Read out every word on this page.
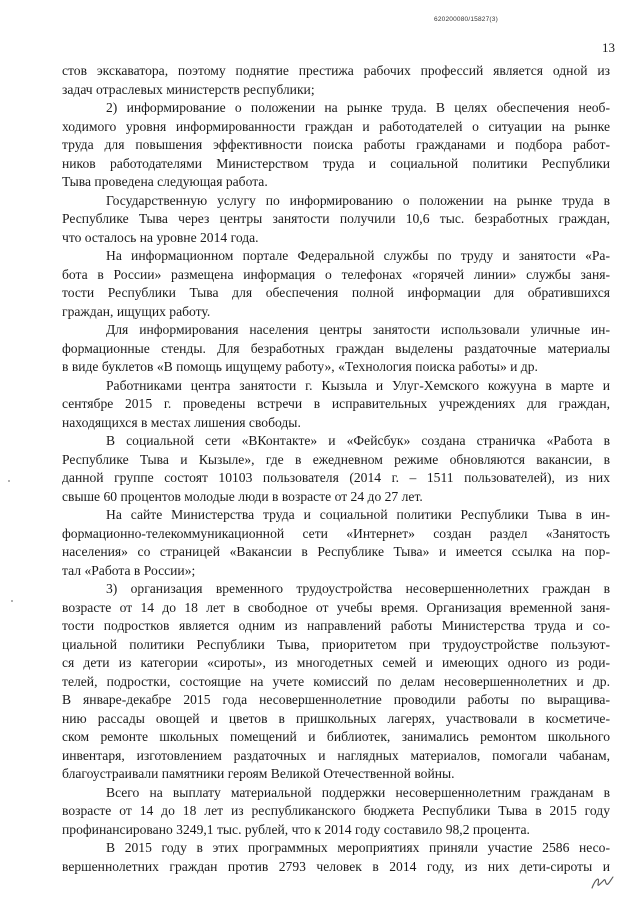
620200080/15827(3)
13
стов экскаватора, поэтому поднятие престижа рабочих профессий является одной из
задач отраслевых министерств республики;
2) информирование о положении на рынке труда. В целях обеспечения необ-
ходимого уровня информированности граждан и работодателей о ситуации на рынке
труда для повышения эффективности поиска работы гражданами и подбора работ-
ников работодателями Министерством труда и социальной политики Республики
Тыва проведена следующая работа.
Государственную услугу по информированию о положении на рынке труда в
Республике Тыва через центры занятости получили 10,6 тыс. безработных граждан,
что осталось на уровне 2014 года.
На информационном портале Федеральной службы по труду и занятости «Ра-
бота в России» размещена информация о телефонах «горячей линии» службы заня-
тости Республики Тыва для обеспечения полной информации для обратившихся
граждан, ищущих работу.
Для информирования населения центры занятости использовали уличные ин-
формационные стенды. Для безработных граждан выделены раздаточные материалы
в виде буклетов «В помощь ищущему работу», «Технология поиска работы» и др.
Работниками центра занятости г. Кызыла и Улуг-Хемского кожууна в марте и
сентябре 2015 г. проведены встречи в исправительных учреждениях для граждан,
находящихся в местах лишения свободы.
В социальной сети «ВКонтакте» и «Фейсбук» создана страничка «Работа в
Республике Тыва и Кызыле», где в ежедневном режиме обновляются вакансии, в
данной группе состоят 10103 пользователя (2014 г. – 1511 пользователей), из них
свыше 60 процентов молодые люди в возрасте от 24 до 27 лет.
На сайте Министерства труда и социальной политики Республики Тыва в ин-
формационно-телекоммуникационной сети «Интернет» создан раздел «Занятость
населения» со страницей «Вакансии в Республике Тыва» и имеется ссылка на пор-
тал «Работа в России»;
3) организация временного трудоустройства несовершеннолетних граждан в
возрасте от 14 до 18 лет в свободное от учебы время. Организация временной заня-
тости подростков является одним из направлений работы Министерства труда и со-
циальной политики Республики Тыва, приоритетом при трудоустройстве пользуют-
ся дети из категории «сироты», из многодетных семей и имеющих одного из роди-
телей, подростки, состоящие на учете комиссий по делам несовершеннолетних и др.
В январе-декабре 2015 года несовершеннолетние проводили работы по выращива-
нию рассады овощей и цветов в пришкольных лагерях, участвовали в косметиче-
ском ремонте школьных помещений и библиотек, занимались ремонтом школьного
инвентаря, изготовлением раздаточных и наглядных материалов, помогали чабанам,
благоустраивали памятники героям Великой Отечественной войны.
Всего на выплату материальной поддержки несовершеннолетним гражданам в
возрасте от 14 до 18 лет из республиканского бюджета Республики Тыва в 2015 году
профинансировано 3249,1 тыс. рублей, что к 2014 году составило 98,2 процента.
В 2015 году в этих программных мероприятиях приняли участие 2586 несо-
вершеннолетних граждан против 2793 человек в 2014 году, из них дети-сироты и
